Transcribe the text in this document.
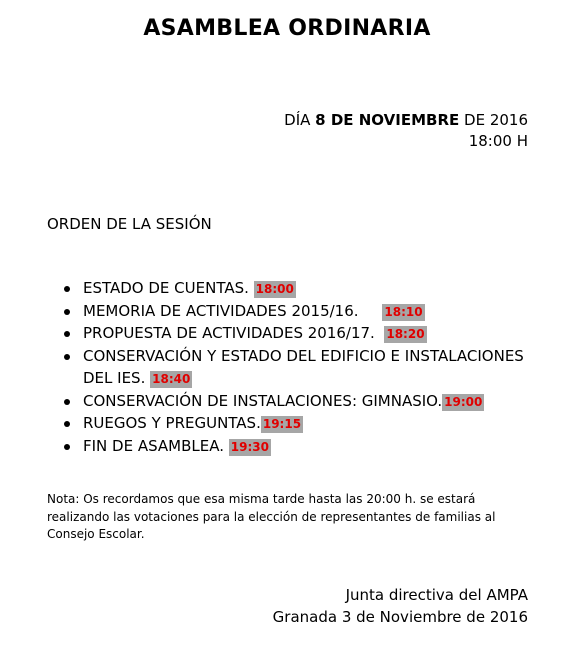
ASAMBLEA ORDINARIA
DÍA 8 DE NOVIEMBRE DE 2016
18:00 H
ORDEN DE LA SESIÓN
ESTADO DE CUENTAS. 18:00
MEMORIA DE ACTIVIDADES 2015/16.     18:10
PROPUESTA DE ACTIVIDADES 2016/17.  18:20
CONSERVACIÓN Y ESTADO DEL EDIFICIO E INSTALACIONES DEL IES. 18:40
CONSERVACIÓN DE INSTALACIONES: GIMNASIO. 19:00
RUEGOS Y PREGUNTAS. 19:15
FIN DE ASAMBLEA. 19:30
Nota: Os recordamos que esa misma tarde hasta las 20:00 h. se estará realizando las votaciones para la elección de representantes de familias al Consejo Escolar.
Junta directiva del AMPA
Granada 3 de Noviembre de 2016
